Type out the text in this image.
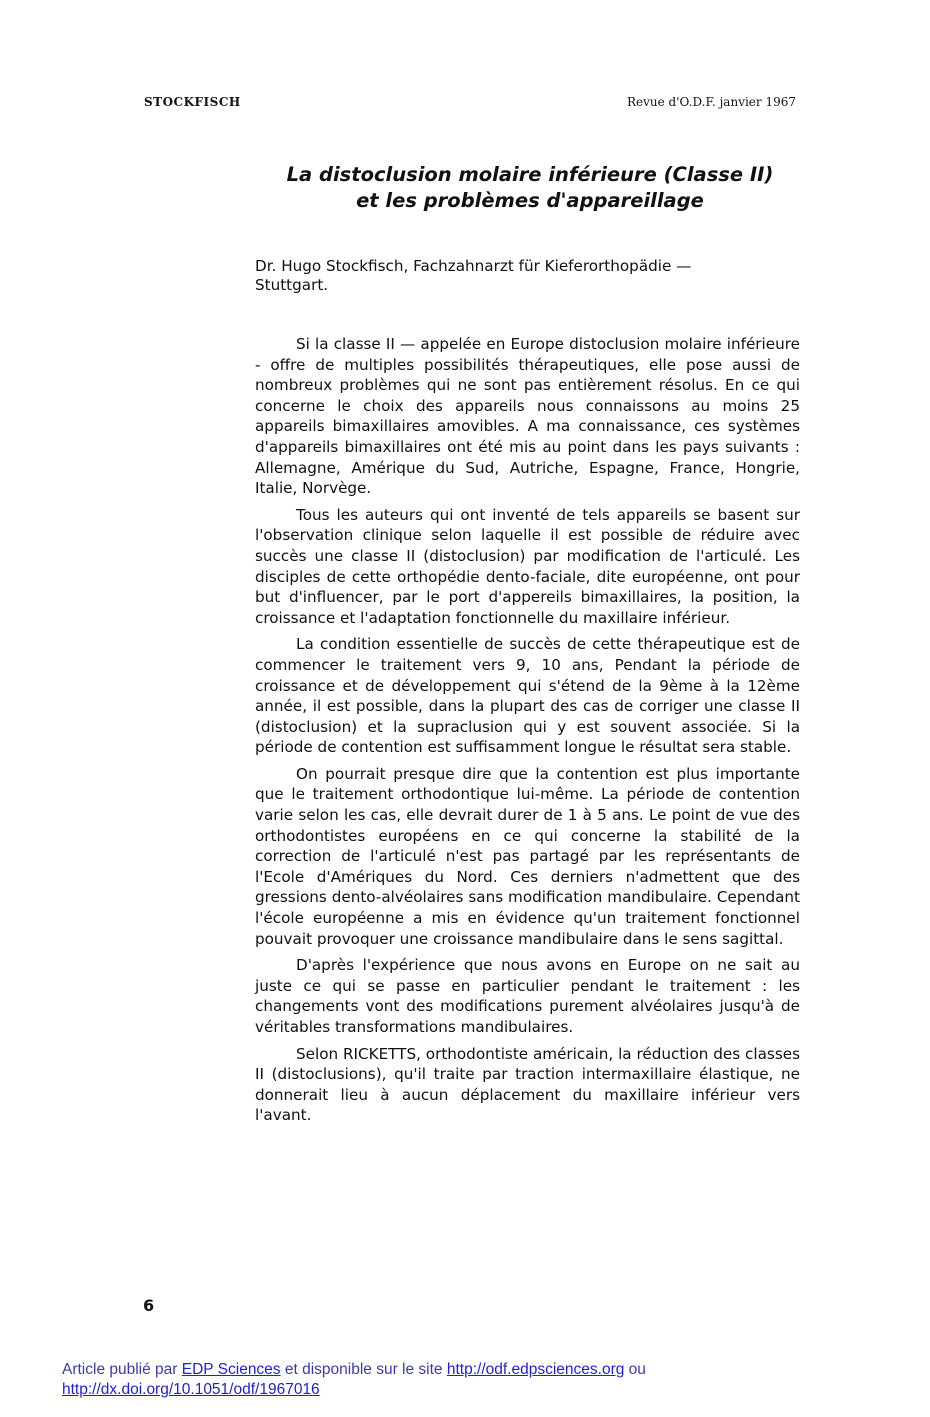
STOCKFISCH	Revue d'O.D.F. janvier 1967
La distoclusion molaire inférieure (Classe II)
et les problèmes d'appareillage
Dr. Hugo Stockfisch, Fachzahnarzt für Kieferorthopädie —
Stuttgart.

Si la classe II — appelée en Europe distoclusion molaire inférieure - offre de multiples possibilités thérapeutiques, elle pose aussi de nombreux problèmes qui ne sont pas entièrement résolus. En ce qui concerne le choix des appareils nous connaissons au moins 25 appareils bimaxillaires amovibles. A ma connaissance, ces systèmes d'appareils bimaxillaires ont été mis au point dans les pays suivants : Allemagne, Amérique du Sud, Autriche, Espagne, France, Hongrie, Italie, Norvège.

Tous les auteurs qui ont inventé de tels appareils se basent sur l'observation clinique selon laquelle il est possible de réduire avec succès une classe II (distoclusion) par modification de l'articulé. Les disciples de cette orthopédie dento-faciale, dite européenne, ont pour but d'influencer, par le port d'appereils bimaxillaires, la position, la croissance et l'adaptation fonctionnelle du maxillaire inférieur.

La condition essentielle de succès de cette thérapeutique est de commencer le traitement vers 9, 10 ans, Pendant la période de croissance et de développement qui s'étend de la 9ème à la 12ème année, il est possible, dans la plupart des cas de corriger une classe II (distoclusion) et la supraclusion qui y est souvent associée. Si la période de contention est suffisamment longue le résultat sera stable.

On pourrait presque dire que la contention est plus importante que le traitement orthodontique lui-même. La période de contention varie selon les cas, elle devrait durer de 1 à 5 ans. Le point de vue des orthodontistes européens en ce qui concerne la stabilité de la correction de l'articulé n'est pas partagé par les représentants de l'Ecole d'Amériques du Nord. Ces derniers n'admettent que des gressions dento-alvéolaires sans modification mandibulaire. Cependant l'école européenne a mis en évidence qu'un traitement fonctionnel pouvait provoquer une croissance mandibulaire dans le sens sagittal.

D'après l'expérience que nous avons en Europe on ne sait au juste ce qui se passe en particulier pendant le traitement : les changements vont des modifications purement alvéolaires jusqu'à de véritables transformations mandibulaires.

Selon RICKETTS, orthodontiste américain, la réduction des classes II (distoclusions), qu'il traite par traction intermaxillaire élastique, ne donnerait lieu à aucun déplacement du maxillaire inférieur vers l'avant.

6
Article publié par EDP Sciences et disponible sur le site http://odf.edpsciences.org ou
http://dx.doi.org/10.1051/odf/1967016
